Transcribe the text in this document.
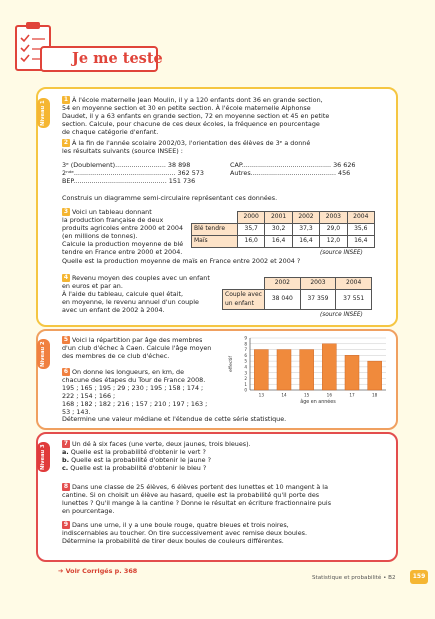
Je me teste
Niveau 1
Niveau 2
Niveau 3
1 À l'école maternelle Jean Moulin, il y a 120 enfants dont 36 en grande section,
54 en moyenne section et 30 en petite section. À l'école maternelle Alphonse
Daudet, il y a 63 enfants en grande section, 72 en moyenne section et 45 en petite
section. Calcule, pour chacune de ces deux écoles, la fréquence en pourcentage
de chaque catégorie d'enfant.
2 À la fin de l'année scolaire 2002/03, l'orientation des élèves de 3ᵉ a donné
les résultats suivants (source INSEE) :
3ᵉ (Doublement)......................... 38 898
2ⁿᵈᵉ.................................................. 362 573
BEP.............................................. 151 736
CAP............................................ 36 626
Autres.......................................... 456
Construis un diagramme semi-circulaire représentant ces données.
3 Voici un tableau donnant
la production française de deux
produits agricoles entre 2000 et 2004
(en millions de tonnes).
Calcule la production moyenne de blé
tendre en France entre 2000 et 2004.
	2000	2001	2002	2003	2004
Blé tendre	35,7	30,2	37,3	29,0	35,6
Maïs	16,0	16,4	16,4	12,0	16,4
(source INSEE)
Quelle est la production moyenne de maïs en France entre 2002 et 2004 ?
4 Revenu moyen des couples avec un enfant
en euros et par an.
À l'aide du tableau, calcule quel était,
en moyenne, le revenu annuel d'un couple
avec un enfant de 2002 à 2004.
	2002	2003	2004
Couple avec un enfant	38 040	37 359	37 551
(source INSEE)
5 Voici la répartition par âge des membres
d'un club d'échec à Caen. Calcule l'âge moyen
des membres de ce club d'échec.
0
1
2
3
4
5
6
7
8
9
13	14	15	16	17	18
âge en années
effectif
6 On donne les longueurs, en km, de
chacune des étapes du Tour de France 2008.
195 ; 165 ; 195 ; 29 ; 230 ; 195 ; 158 ; 174 ;
222 ; 154 ; 166 ;
168 ; 182 ; 182 ; 216 ; 157 ; 210 ; 197 ; 163 ;
53 ; 143.
Détermine une valeur médiane et l'étendue de cette série statistique.
7 Un dé à six faces (une verte, deux jaunes, trois bleues).
a. Quelle est la probabilité d'obtenir le vert ?
b. Quelle est la probabilité d'obtenir le jaune ?
c. Quelle est la probabilité d'obtenir le bleu ?
8 Dans une classe de 25 élèves, 6 élèves portent des lunettes et 10 mangent à la
cantine. Si on choisit un élève au hasard, quelle est la probabilité qu'il porte des
lunettes ? Qu'il mange à la cantine ? Donne le résultat en écriture fractionnaire puis
en pourcentage.
9 Dans une urne, il y a une boule rouge, quatre bleues et trois noires,
indiscernables au toucher. On tire successivement avec remise deux boules.
Détermine la probabilité de tirer deux boules de couleurs différentes.
➔ Voir Corrigés p. 368
Statistique et probabilité • B2	159
